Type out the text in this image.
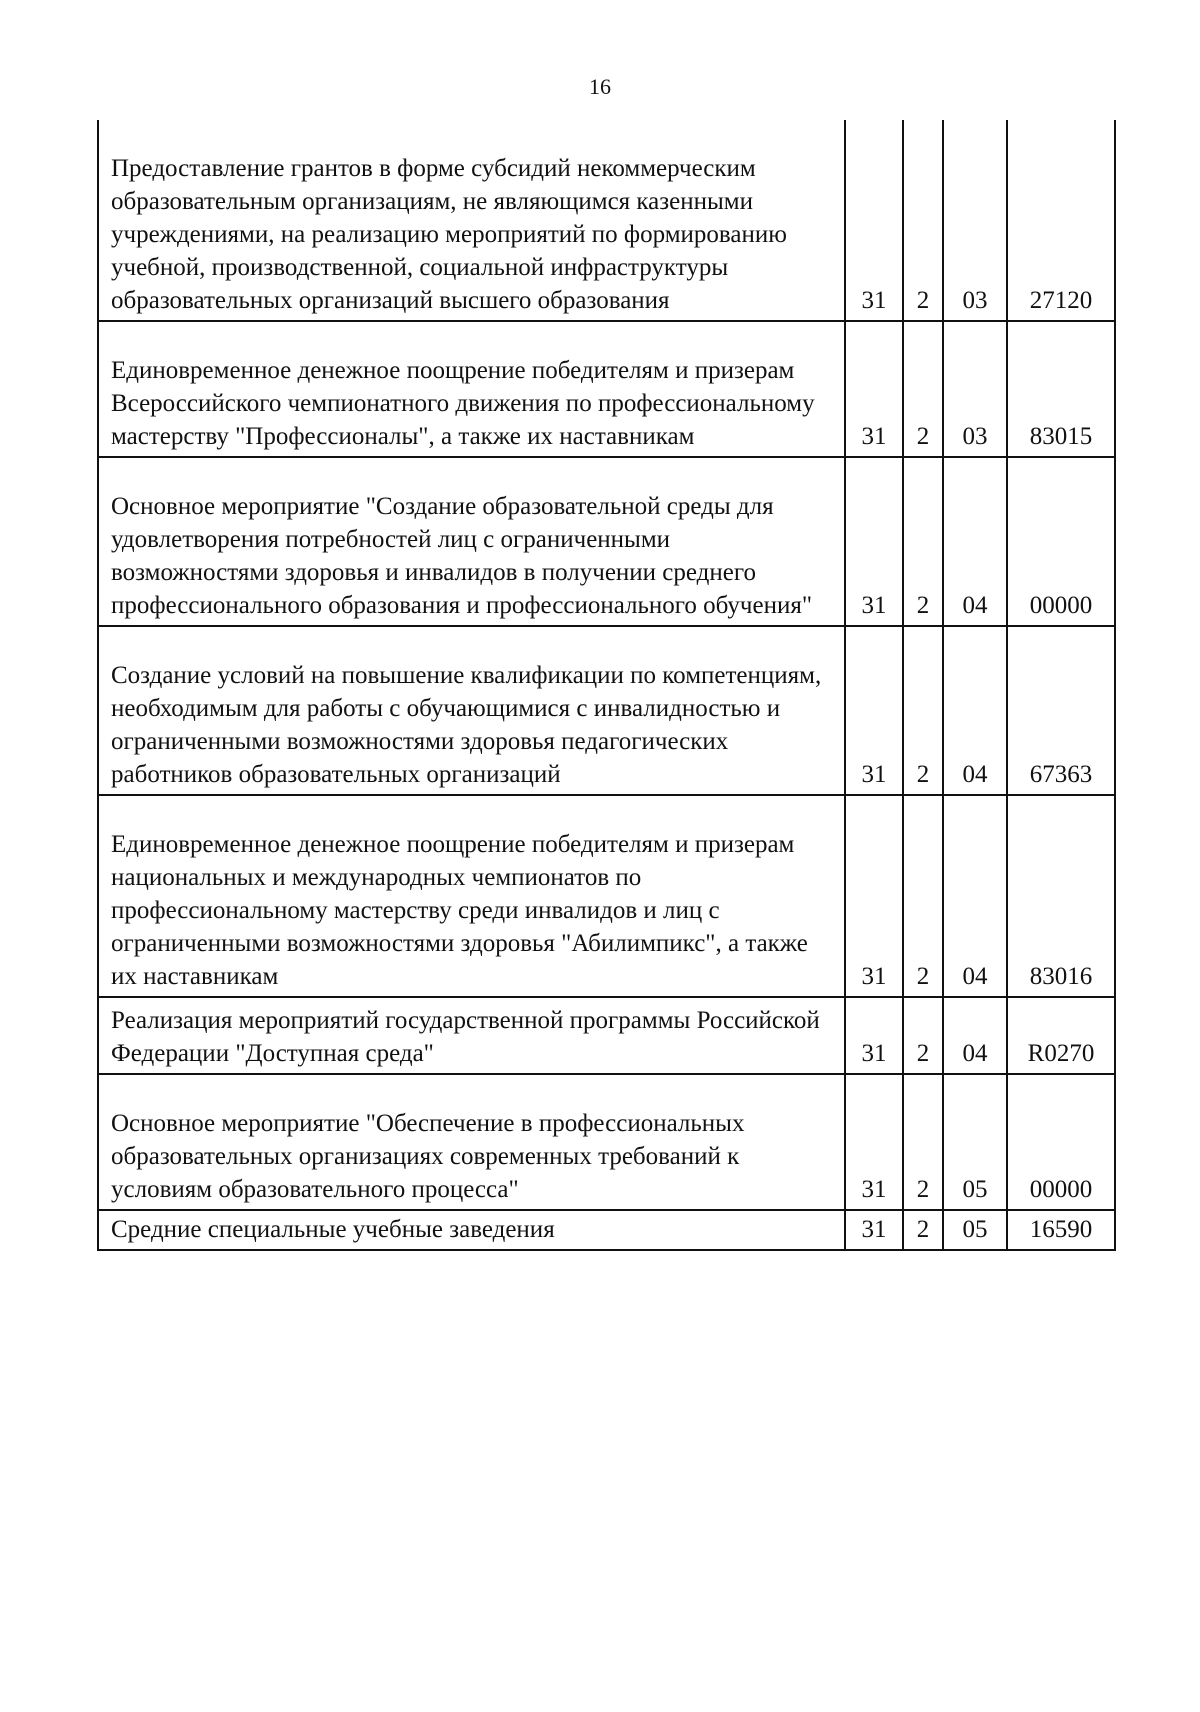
16
Предоставление грантов в форме субсидий некоммерческим образовательным организациям, не являющимся казенными учреждениями, на реализацию мероприятий по формированию учебной, производственной, социальной инфраструктуры образовательных организаций высшего образования	31	2	03	27120
Единовременное денежное поощрение победителям и призерам Всероссийского чемпионатного движения по профессиональному мастерству "Профессионалы", а также их наставникам	31	2	03	83015
Основное мероприятие "Создание образовательной среды для удовлетворения потребностей лиц с ограниченными возможностями здоровья и инвалидов в получении среднего профессионального образования и профессионального обучения"	31	2	04	00000
Создание условий на повышение квалификации по компетенциям, необходимым для работы с обучающимися с инвалидностью и ограниченными возможностями здоровья педагогических работников образовательных организаций	31	2	04	67363
Единовременное денежное поощрение победителям и призерам национальных и международных чемпионатов по профессиональному мастерству среди инвалидов и лиц с ограниченными возможностями здоровья "Абилимпикс", а также их наставникам	31	2	04	83016
Реализация мероприятий государственной программы Российской Федерации "Доступная среда"	31	2	04	R0270
Основное мероприятие "Обеспечение в профессиональных образовательных организациях современных требований к условиям образовательного процесса"	31	2	05	00000
Средние специальные учебные заведения	31	2	05	16590
